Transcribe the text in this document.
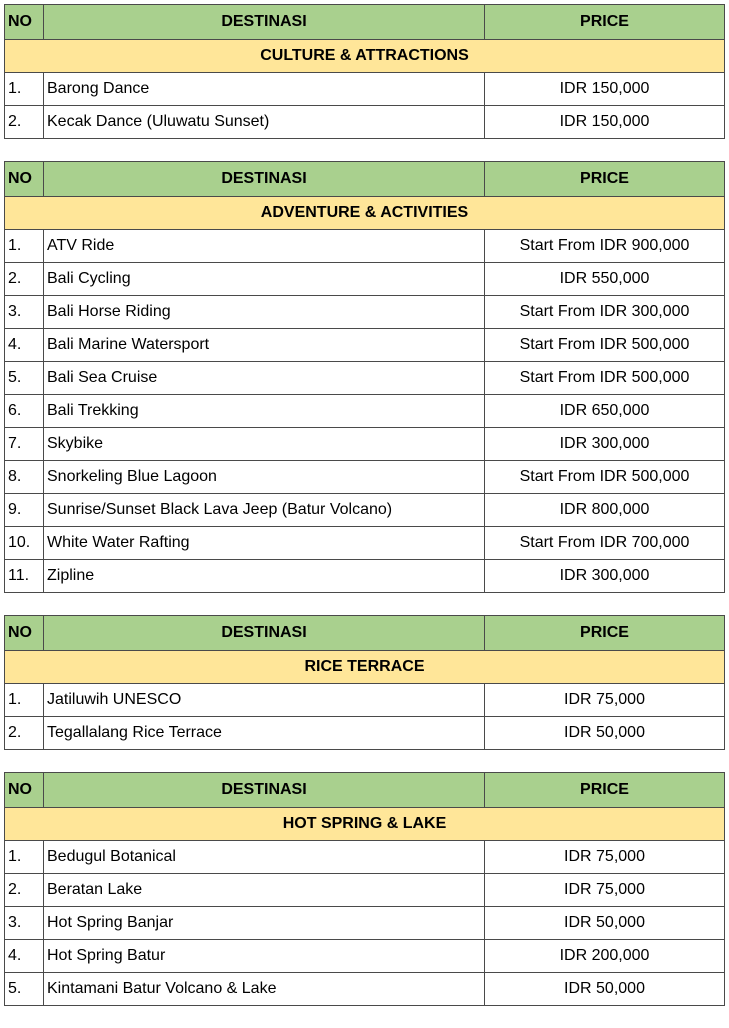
NO	DESTINASI	PRICE
CULTURE & ATTRACTIONS		
1.	Barong Dance	IDR 150,000
2.	Kecak Dance (Uluwatu Sunset)	IDR 150,000
NO	DESTINASI	PRICE
ADVENTURE & ACTIVITIES		
1.	ATV Ride	Start From IDR 900,000
2.	Bali Cycling	IDR 550,000
3.	Bali Horse Riding	Start From IDR 300,000
4.	Bali Marine Watersport	Start From IDR 500,000
5.	Bali Sea Cruise	Start From IDR 500,000
6.	Bali Trekking	IDR 650,000
7.	Skybike	IDR 300,000
8.	Snorkeling Blue Lagoon	Start From IDR 500,000
9.	Sunrise/Sunset Black Lava Jeep (Batur Volcano)	IDR 800,000
10.	White Water Rafting	Start From IDR 700,000
11.	Zipline	IDR 300,000
NO	DESTINASI	PRICE
RICE TERRACE		
1.	Jatiluwih UNESCO	IDR 75,000
2.	Tegallalang Rice Terrace	IDR 50,000
NO	DESTINASI	PRICE
HOT SPRING & LAKE		
1.	Bedugul Botanical	IDR 75,000
2.	Beratan Lake	IDR 75,000
3.	Hot Spring Banjar	IDR 50,000
4.	Hot Spring Batur	IDR 200,000
5.	Kintamani Batur Volcano & Lake	IDR 50,000
